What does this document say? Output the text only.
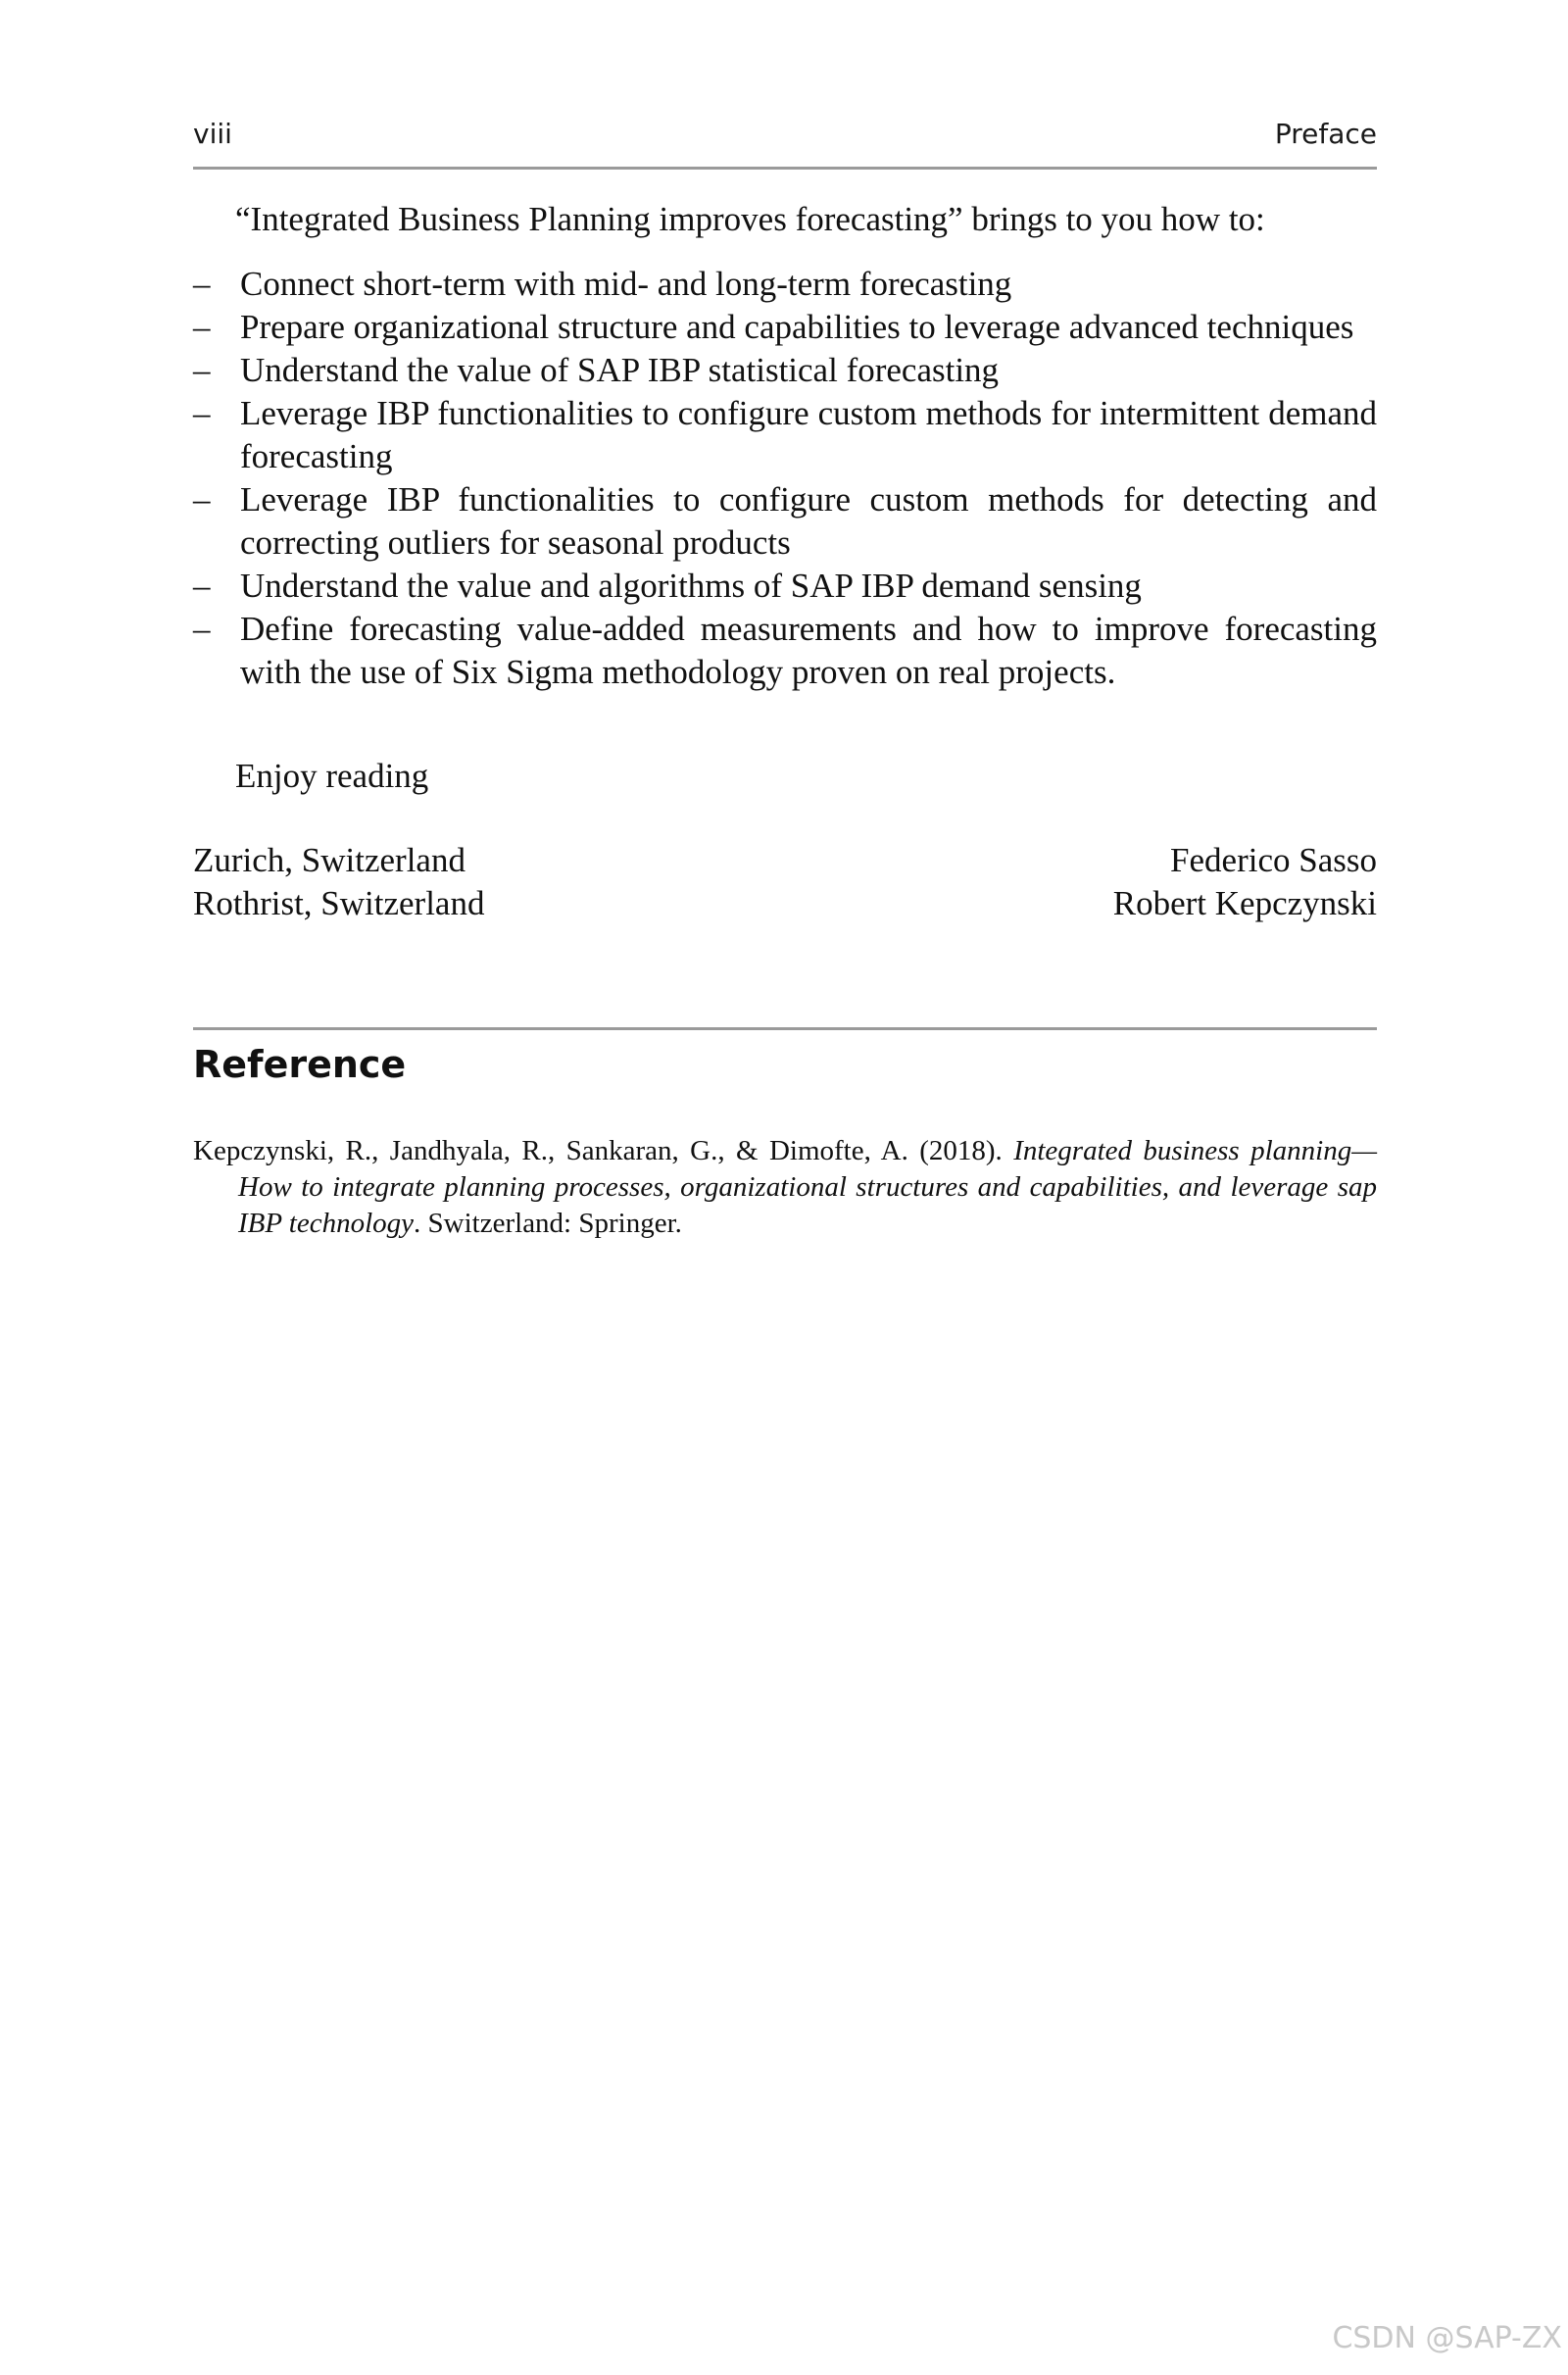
viii	Preface

“Integrated Business Planning improves forecasting” brings to you how to:

– Connect short-term with mid- and long-term forecasting
– Prepare organizational structure and capabilities to leverage advanced techniques
– Understand the value of SAP IBP statistical forecasting
– Leverage IBP functionalities to configure custom methods for intermittent demand forecasting
– Leverage IBP functionalities to configure custom methods for detecting and correcting outliers for seasonal products
– Understand the value and algorithms of SAP IBP demand sensing
– Define forecasting value-added measurements and how to improve forecasting with the use of Six Sigma methodology proven on real projects.

Enjoy reading

Zurich, Switzerland	Federico Sasso
Rothrist, Switzerland	Robert Kepczynski
Reference

Kepczynski, R., Jandhyala, R., Sankaran, G., & Dimofte, A. (2018). Integrated business planning—How to integrate planning processes, organizational structures and capabilities, and leverage sap IBP technology. Switzerland: Springer.

CSDN @SAP-ZX
